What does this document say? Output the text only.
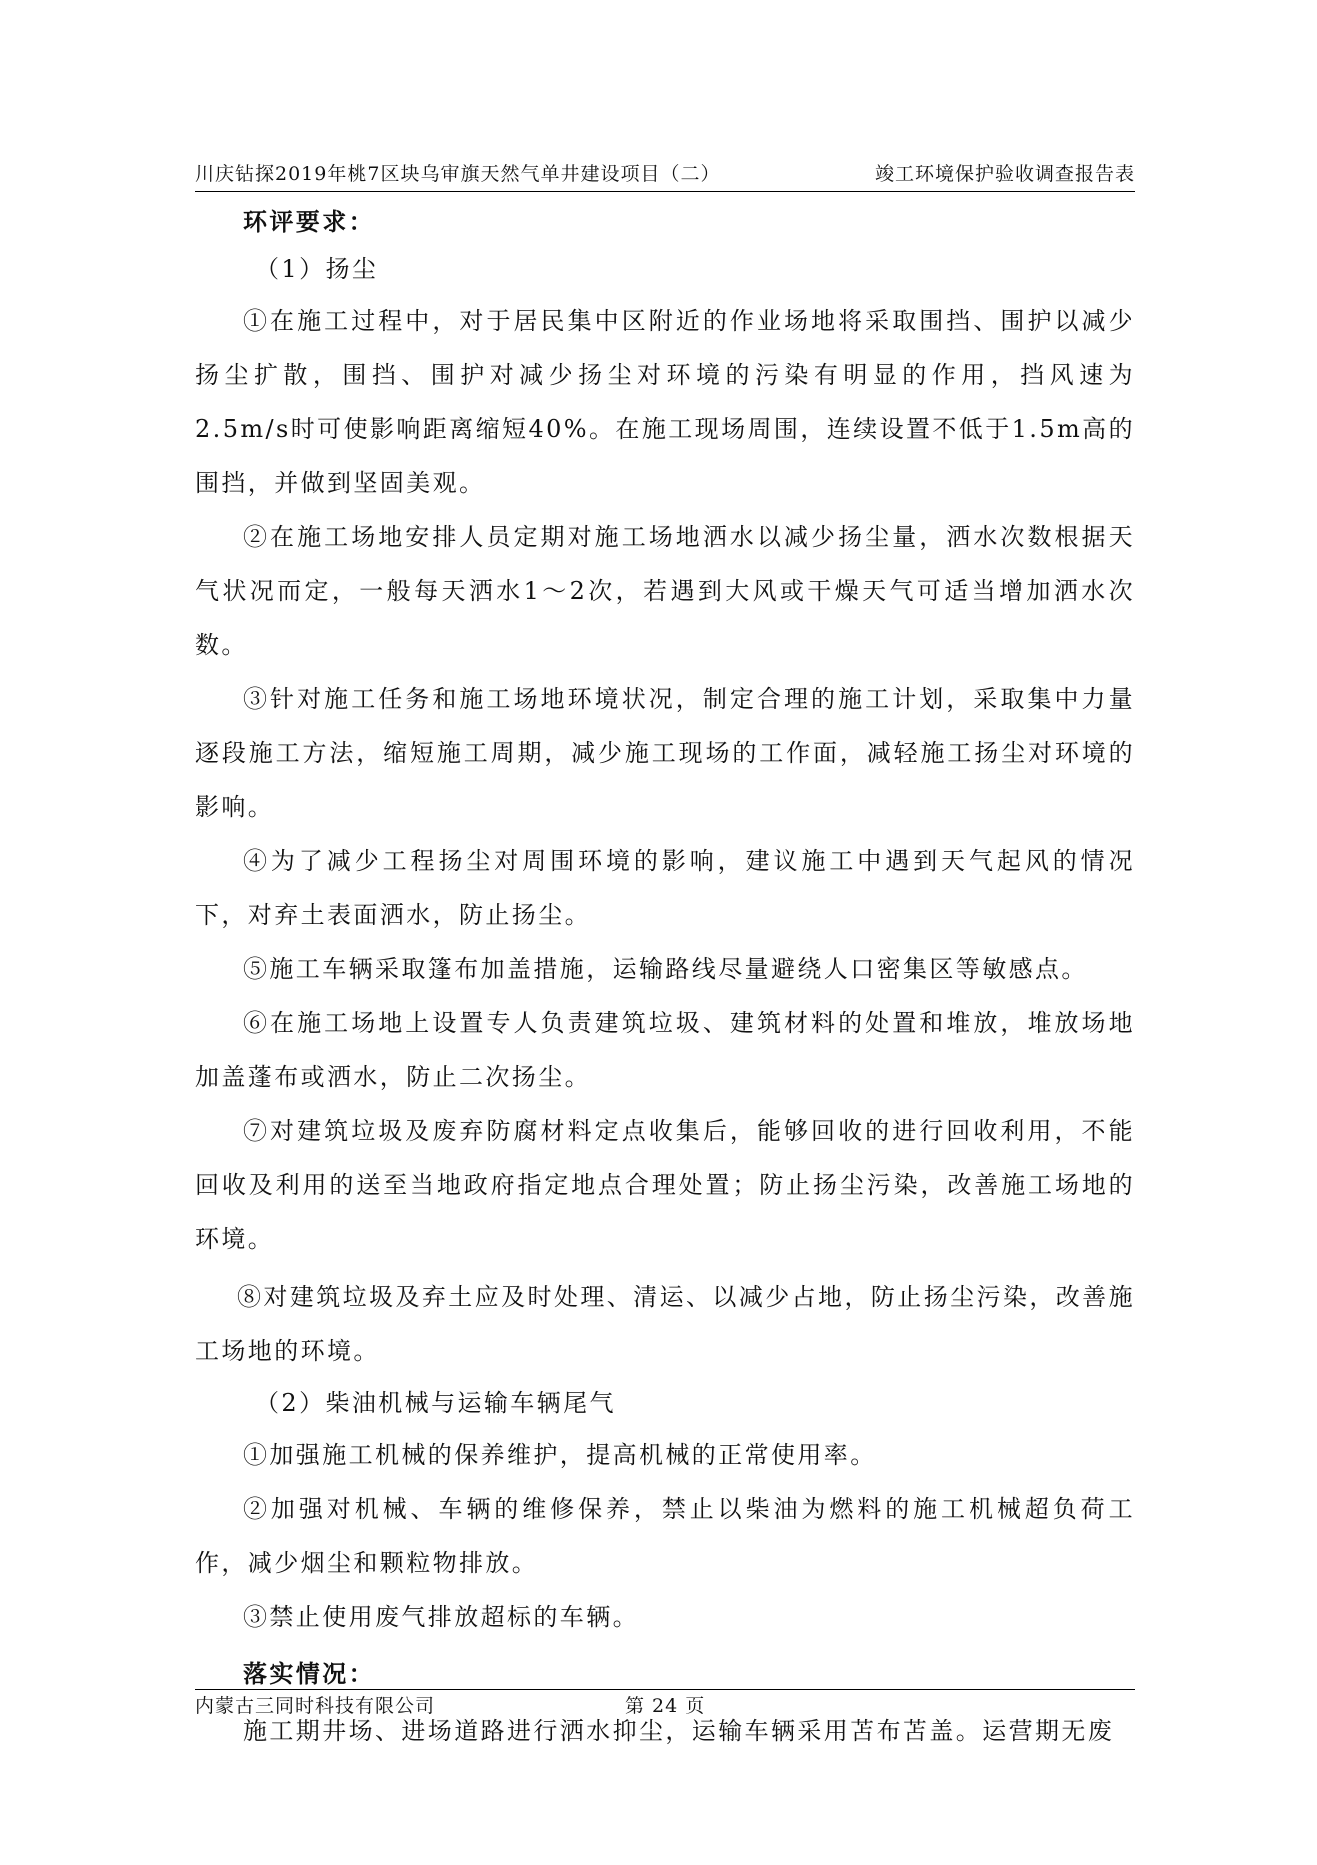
川庆钻探2019年桃7区块乌审旗天然气单井建设项目（二）	竣工环境保护验收调查报告表

环评要求：

（1）扬尘

①在施工过程中，对于居民集中区附近的作业场地将采取围挡、围护以减少扬尘扩散，围挡、围护对减少扬尘对环境的污染有明显的作用，挡风速为2.5m/s时可使影响距离缩短40%。在施工现场周围，连续设置不低于1.5m高的围挡，并做到坚固美观。

②在施工场地安排人员定期对施工场地洒水以减少扬尘量，洒水次数根据天气状况而定，一般每天洒水1～2次，若遇到大风或干燥天气可适当增加洒水次数。

③针对施工任务和施工场地环境状况，制定合理的施工计划，采取集中力量逐段施工方法，缩短施工周期，减少施工现场的工作面，减轻施工扬尘对环境的影响。

④为了减少工程扬尘对周围环境的影响，建议施工中遇到天气起风的情况下，对弃土表面洒水，防止扬尘。

⑤施工车辆采取篷布加盖措施，运输路线尽量避绕人口密集区等敏感点。

⑥在施工场地上设置专人负责建筑垃圾、建筑材料的处置和堆放，堆放场地加盖蓬布或洒水，防止二次扬尘。

⑦对建筑垃圾及废弃防腐材料定点收集后，能够回收的进行回收利用，不能回收及利用的送至当地政府指定地点合理处置；防止扬尘污染，改善施工场地的环境。

⑧对建筑垃圾及弃土应及时处理、清运、以减少占地，防止扬尘污染，改善施工场地的环境。

（2）柴油机械与运输车辆尾气

①加强施工机械的保养维护，提高机械的正常使用率。

②加强对机械、车辆的维修保养，禁止以柴油为燃料的施工机械超负荷工作，减少烟尘和颗粒物排放。

③禁止使用废气排放超标的车辆。

落实情况：

施工期井场、进场道路进行洒水抑尘，运输车辆采用苫布苫盖。运营期无废

内蒙古三同时科技有限公司	第 24 页
